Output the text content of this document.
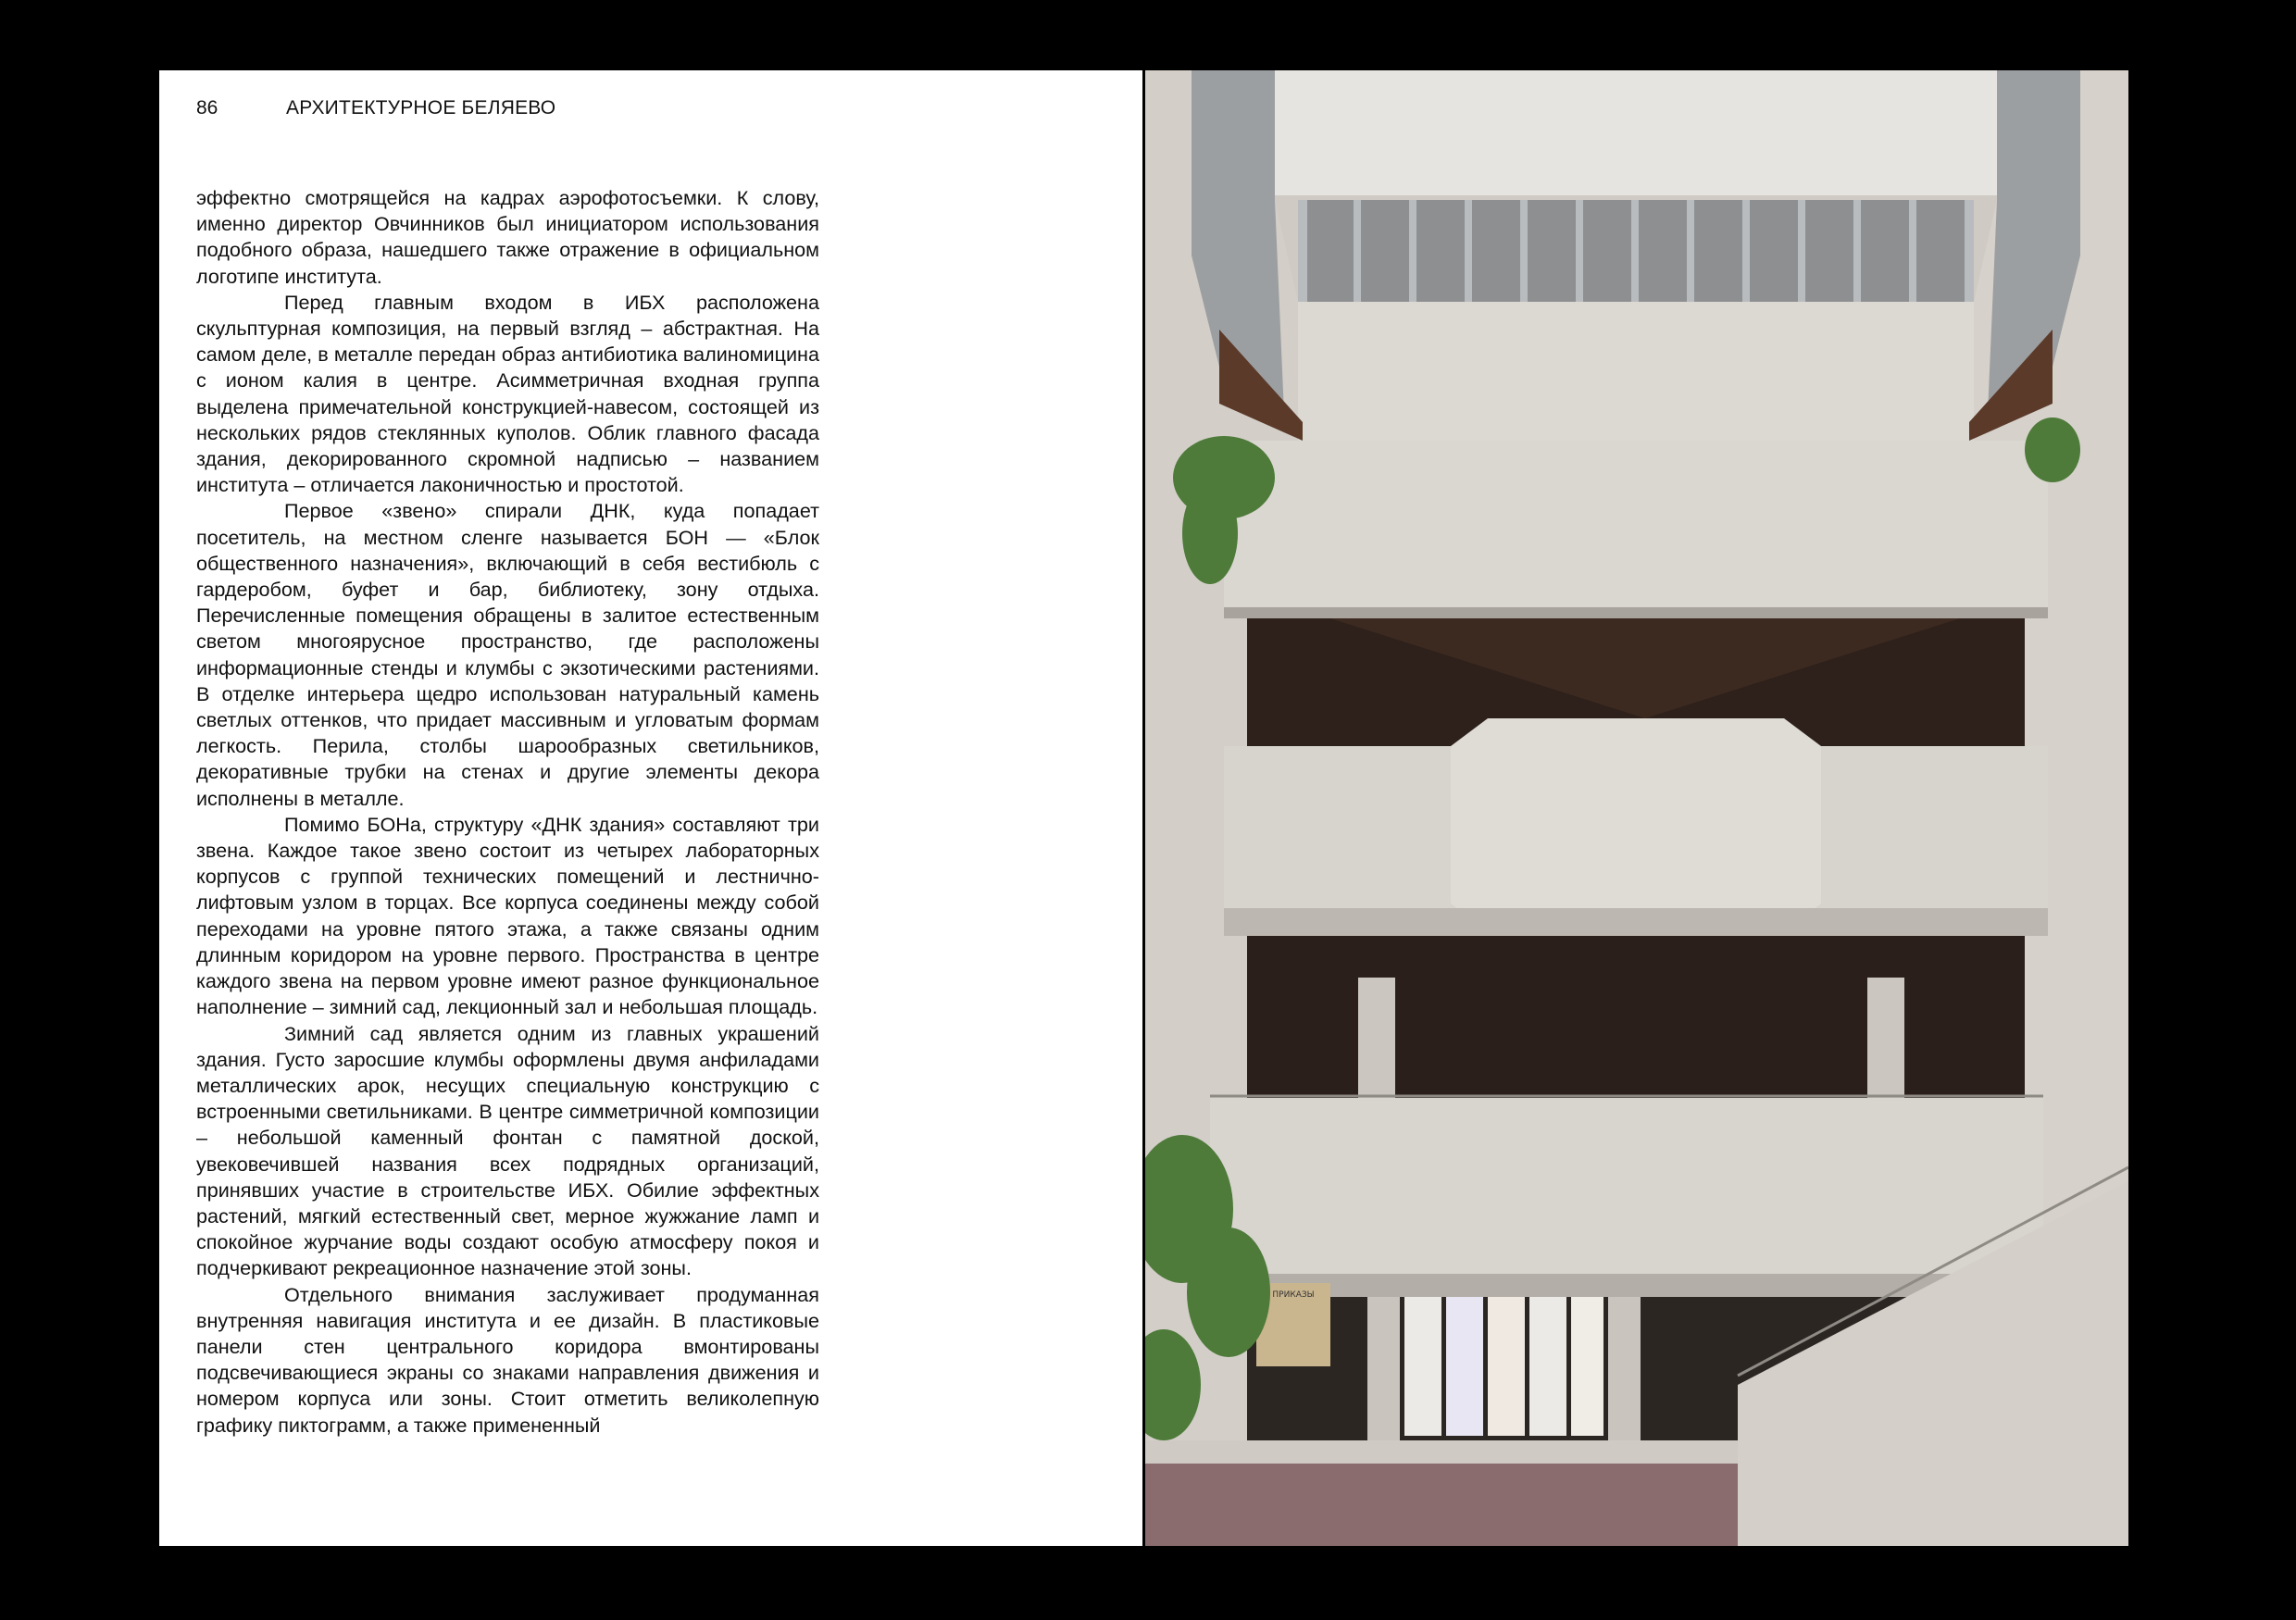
86	АРХИТЕКТУРНОЕ БЕЛЯЕВО

эффектно смотрящейся на кадрах аэрофотосъемки. К слову, именно директор Овчинников был инициатором использования подобного образа, нашедшего также отражение в официальном логотипе института.

Перед главным входом в ИБХ расположена скульптурная композиция, на первый взгляд – абстрактная. На самом деле, в металле передан образ антибиотика валиномицина с ионом калия в центре. Асимметричная входная группа выделена примечательной конструкцией-навесом, состоящей из нескольких рядов стеклянных куполов. Облик главного фасада здания, декорированного скромной надписью – названием института – отличается лаконичностью и простотой.

Первое «звено» спирали ДНК, куда попадает посетитель, на местном сленге называется БОН — «Блок общественного назначения», включающий в себя вестибюль с гардеробом, буфет и бар, библиотеку, зону отдыха. Перечисленные помещения обращены в залитое естественным светом многоярусное пространство, где расположены информационные стенды и клумбы с экзотическими растениями. В отделке интерьера щедро использован натуральный камень светлых оттенков, что придает массивным и угловатым формам легкость. Перила, столбы шарообразных светильников, декоративные трубки на стенах и другие элементы декора исполнены в металле.

Помимо БОНа, структуру «ДНК здания» составляют три звена. Каждое такое звено состоит из четырех лабораторных корпусов с группой технических помещений и лестнично-лифтовым узлом в торцах. Все корпуса соединены между собой переходами на уровне пятого этажа, а также связаны одним длинным коридором на уровне первого. Пространства в центре каждого звена на первом уровне имеют разное функциональное наполнение – зимний сад, лекционный зал и небольшая площадь.

Зимний сад является одним из главных украшений здания. Густо заросшие клумбы оформлены двумя анфиладами металлических арок, несущих специальную конструкцию с встроенными светильниками. В центре симметричной композиции – небольшой каменный фонтан с памятной доской, увековечившей названия всех подрядных организаций, принявших участие в строительстве ИБХ. Обилие эффектных растений, мягкий естественный свет, мерное жужжание ламп и спокойное журчание воды создают особую атмосферу покоя и подчеркивают рекреационное назначение этой зоны.

Отдельного внимания заслуживает продуманная внутренняя навигация института и ее дизайн. В пластиковые панели стен центрального коридора вмонтированы подсвечивающиеся экраны со знаками направления движения и номером корпуса или зоны. Стоит отметить великолепную графику пиктограмм, а также примененный

ПРИКАЗЫ
